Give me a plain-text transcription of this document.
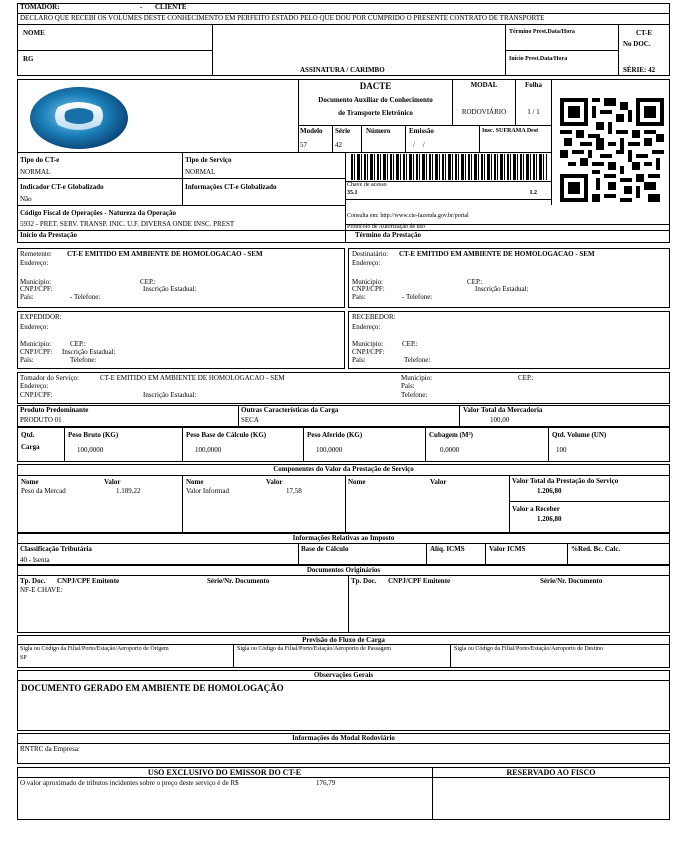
TOMADOR:	- CLIENTE
DECLARO QUE RECEBI OS VOLUMES DESTE CONHECIMENTO EM PERFEITO ESTADO PELO QUE DOU POR CUMPRIDO O PRESENTE CONTRATO DE TRANSPORTE
NOME
RG
ASSINATURA / CARIMBO
Término Prest.Data/Hora
Início Prest.Data/Hora
CT-E
No DOC.
SÉRIE: 42
DACTE
Documento Auxiliar do Conhecimento
de Transporte Eletrônico
MODAL
RODOVIÁRIO
Folha
1 / 1
Modelo
57
Série
42
Número	Emissão
/ /
Insc. SUFRAMA Dest
Chave de acesso
35.1	L2
Consulta em: http://www.cte-fazenda.gov.br/portal
Protocolo de Autorização de uso
Tipo do CT-e
NORMAL
Tipo de Serviço
NORMAL
Indicador CT-e Globalizado
Não
Informações CT-e Globalizado
Código Fiscal de Operações - Natureza da Operação
5932 - PRET. SERV. TRANSP. INIC. U.F. DIVERSA ONDE INSC. PREST
Início da Prestação	Término da Prestação
Remetente: CT-E EMITIDO EM AMBIENTE DE HOMOLOGACAO - SEM
Endereço:
Municipio:	CEP.:
CNPJ/CPF:	Inscrição Estadual:
País:	- Telefone:
Destinatário: CT-E EMITIDO EM AMBIENTE DE HOMOLOGACAO - SEM
Endereço:
Municipio:	CEP.:
CNPJ/CPF:	Inscrição Estadual:
País:	- Telefone:
EXPEDIDOR:
Endereço:
Municipio:	CEP.:
CNPJ/CPF: Inscrição Estadual:
País:	Telefone:
RECEBEDOR:
Endereço:
Municipio:	CEP.:
CNPJ/CPF:
País:	Telefone:
Tomador do Serviço:	CT-E EMITIDO EM AMBIENTE DE HOMOLOGACAO - SEM
Endereço:
CNPJ/CPF:	Inscrição Estadual:
Municipio:	CEP.:
País:
Telefone:
Produto Predominante
PRODUTO 01
Outras Características da Carga
SECA
Valor Total da Mercadoria
100,00
Qtd.
Carga
Peso Bruto (KG)
100,0000
Peso Base de Cálculo (KG)
100,0000
Peso Aferido (KG)
100,0000
Cubagem (M³)
0,0000
Qtd. Volume (UN)
100
Componentes do Valor da Prestação de Serviço
Nome	Valor
Peso da Mercad	1.189,22
Nome	Valor
Valor Informad	17,58
Nome	Valor	Valor Total da Prestação do Serviço
1.206,80
Valor a Receber
1.206,80
Informações Relativas ao Imposto
Classificação Tributária
40 - Isenta
Base de Cálculo	Alíq. ICMS	Valor ICMS	%Red. Bc. Calc.
Documentos Originários
Tp. Doc. CNPJ/CPF Emitente	Série/Nr. Documento
NF-E CHAVE:
Tp. Doc. CNPJ/CPF Emitente	Série/Nr. Documento
Previsão do Fluxo de Carga
Sigla ou Código da Filial/Porto/Estação/Aeroporto de Origem
SP
Sigla ou Código da Filial/Porto/Estação/Aeroporto de Passagem	Sigla ou Código da Filial/Porto/Estação/Aeroporto de Destino
Observações Gerais
DOCUMENTO GERADO EM AMBIENTE DE HOMOLOGAÇÃO
Informações do Modal Rodoviário
RNTRC da Empresa:
USO EXCLUSIVO DO EMISSOR DO CT-E	RESERVADO AO FISCO
O valor aproximado de tributos incidentes sobre o preço deste serviço é de R$	176,79
